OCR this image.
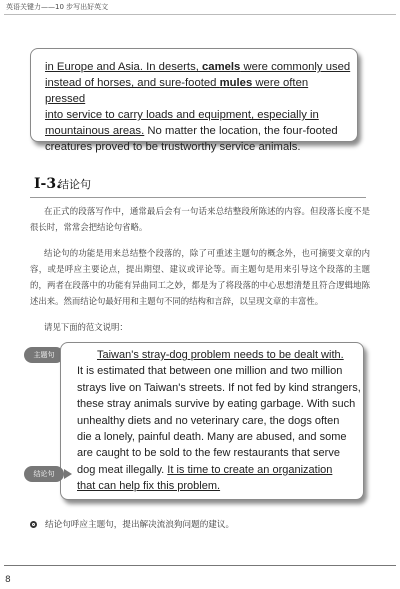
英语关键力——10 步写出好英文
in Europe and Asia. In deserts, camels were commonly used
instead of horses, and sure-footed mules were often pressed
into service to carry loads and equipment, especially in
mountainous areas. No matter the location, the four-footed
creatures proved to be trustworthy service animals.
I-3.
结论句
在正式的段落写作中，通常最后会有一句话来总结整段所陈述的内容。但段落长度不是很长时，常常会把结论句省略。
结论句的功能是用来总结整个段落的，除了可重述主题句的概念外，也可摘要文章的内容，或是呼应主要论点，提出期望、建议或评论等。而主题句是用来引导这个段落的主题的，两者在段落中的功能有异曲同工之妙，都是为了将段落的中心思想清楚且符合逻辑地陈述出来。然而结论句最好用和主题句不同的结构和言辞，以呈现文章的丰富性。
请见下面的范文说明：
主题句	Taiwan's stray-dog problem needs to be dealt with.
It is estimated that between one million and two million
strays live on Taiwan's streets. If not fed by kind strangers,
these stray animals survive by eating garbage. With such
unhealthy diets and no veterinary care, the dogs often
die a lonely, painful death. Many are abused, and some
are caught to be sold to the few restaurants that serve
dog meat illegally. It is time to create an organization
that can help fix this problem.
结论句
结论句呼应主题句，提出解决流浪狗问题的建议。
8
